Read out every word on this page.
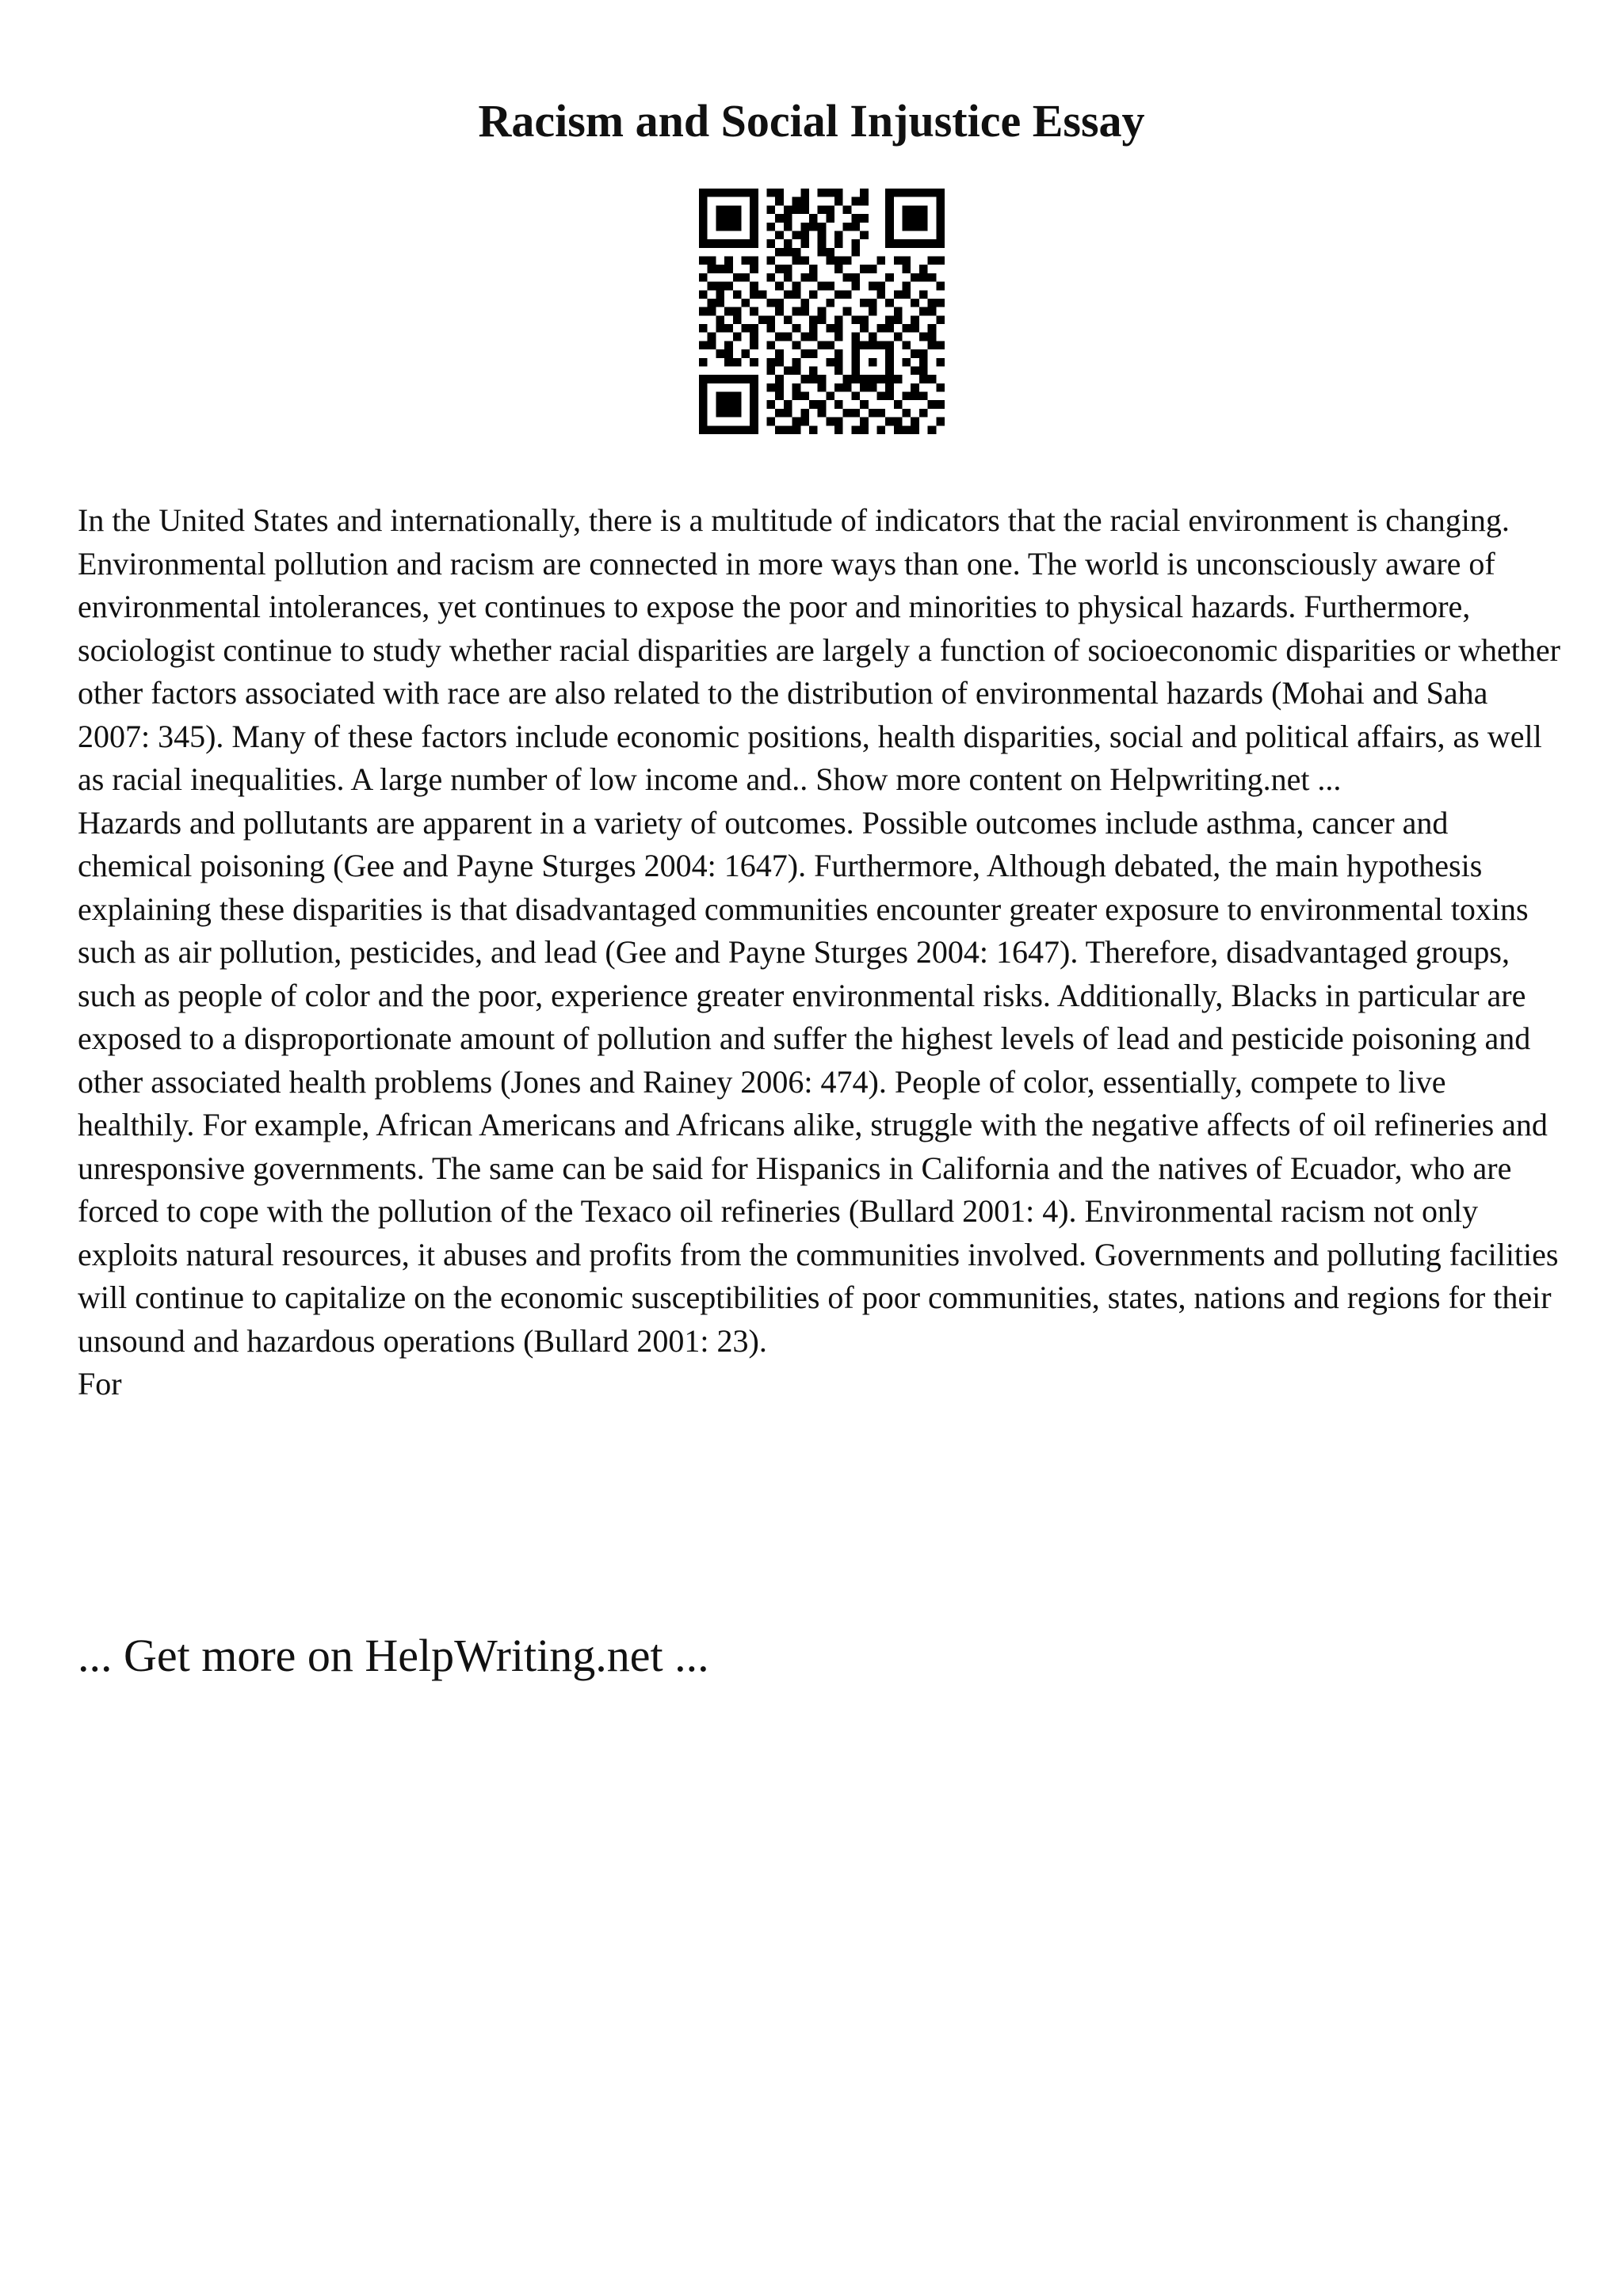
Racism and Social Injustice Essay

In the United States and internationally, there is a multitude of indicators that the racial environment is changing. Environmental pollution and racism are connected in more ways than one. The world is unconsciously aware of environmental intolerances, yet continues to expose the poor and minorities to physical hazards. Furthermore, sociologist continue to study whether racial disparities are largely a function of socioeconomic disparities or whether other factors associated with race are also related to the distribution of environmental hazards (Mohai and Saha 2007: 345). Many of these factors include economic positions, health disparities, social and political affairs, as well as racial inequalities. A large number of low income and.. Show more content on Helpwriting.net ...

Hazards and pollutants are apparent in a variety of outcomes. Possible outcomes include asthma, cancer and chemical poisoning (Gee and Payne Sturges 2004: 1647). Furthermore, Although debated, the main hypothesis explaining these disparities is that disadvantaged communities encounter greater exposure to environmental toxins such as air pollution, pesticides, and lead (Gee and Payne Sturges 2004: 1647). Therefore, disadvantaged groups, such as people of color and the poor, experience greater environmental risks. Additionally, Blacks in particular are exposed to a disproportionate amount of pollution and suffer the highest levels of lead and pesticide poisoning and other associated health problems (Jones and Rainey 2006: 474). People of color, essentially, compete to live healthily. For example, African Americans and Africans alike, struggle with the negative affects of oil refineries and unresponsive governments. The same can be said for Hispanics in California and the natives of Ecuador, who are forced to cope with the pollution of the Texaco oil refineries (Bullard 2001: 4). Environmental racism not only exploits natural resources, it abuses and profits from the communities involved. Governments and polluting facilities will continue to capitalize on the economic susceptibilities of poor communities, states, nations and regions for their unsound and hazardous operations (Bullard 2001: 23).

For

... Get more on HelpWriting.net ...
